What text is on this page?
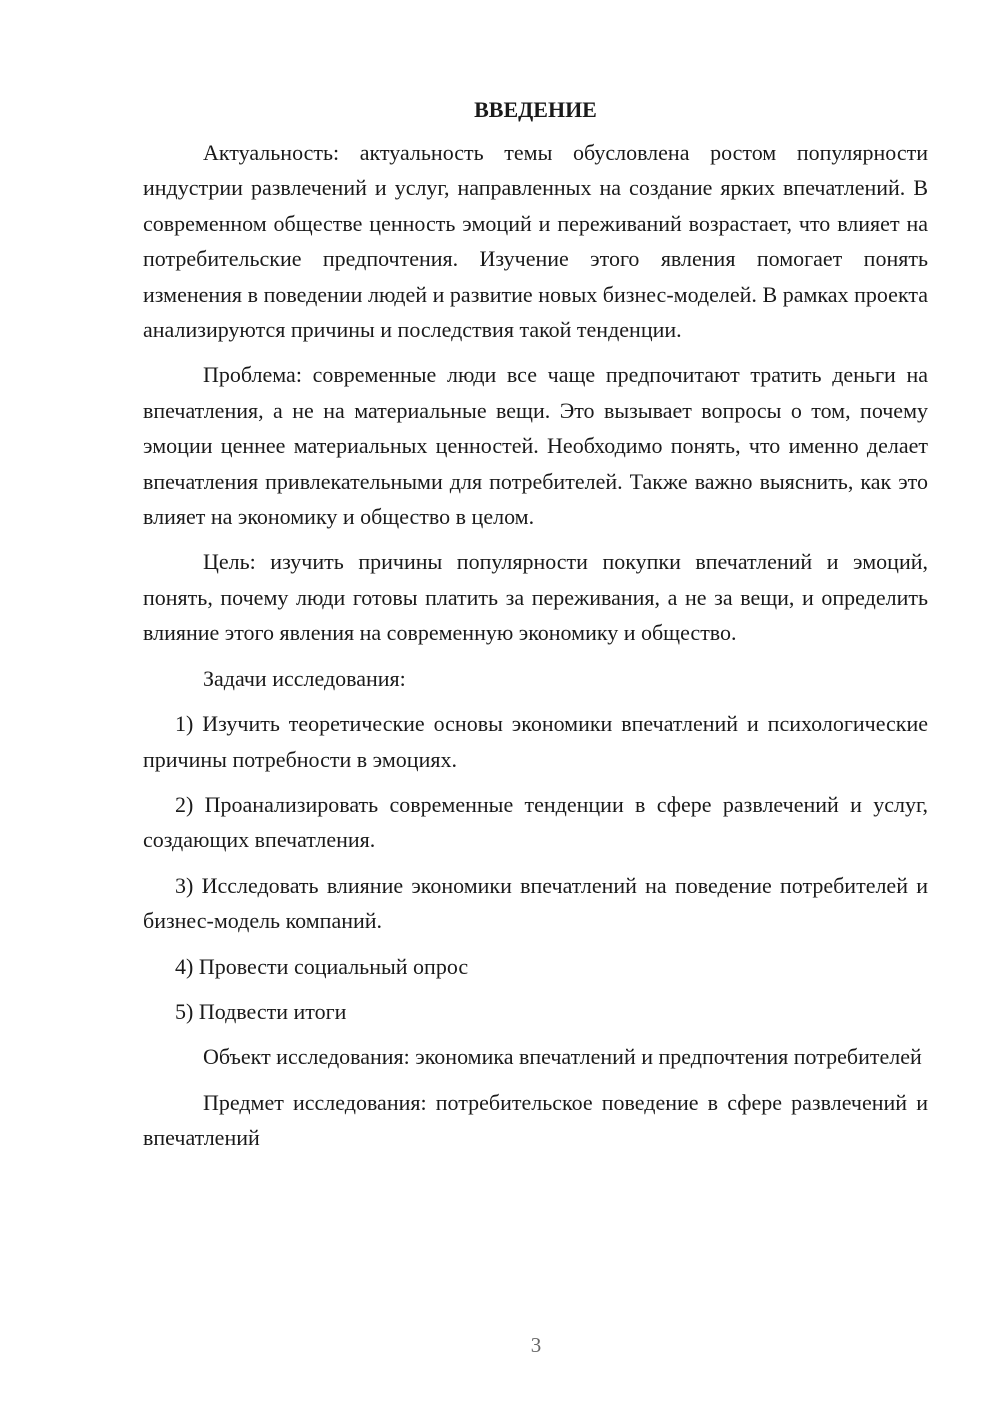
ВВЕДЕНИЕ

Актуальность: актуальность темы обусловлена ростом популярности индустрии развлечений и услуг, направленных на создание ярких впечатлений. В современном обществе ценность эмоций и переживаний возрастает, что влияет на потребительские предпочтения. Изучение этого явления помогает понять изменения в поведении людей и развитие новых бизнес-моделей. В рамках проекта анализируются причины и последствия такой тенденции.

Проблема: современные люди все чаще предпочитают тратить деньги на впечатления, а не на материальные вещи. Это вызывает вопросы о том, почему эмоции ценнее материальных ценностей. Необходимо понять, что именно делает впечатления привлекательными для потребителей. Также важно выяснить, как это влияет на экономику и общество в целом.

Цель: изучить причины популярности покупки впечатлений и эмоций, понять, почему люди готовы платить за переживания, а не за вещи, и определить влияние этого явления на современную экономику и общество.

Задачи исследования:

1) Изучить теоретические основы экономики впечатлений и психологические причины потребности в эмоциях.

2) Проанализировать современные тенденции в сфере развлечений и услуг, создающих впечатления.

3) Исследовать влияние экономики впечатлений на поведение потребителей и бизнес-модель компаний.

4) Провести социальный опрос

5) Подвести итоги

Объект исследования: экономика впечатлений и предпочтения потребителей

Предмет исследования: потребительское поведение в сфере развлечений и впечатлений

3
